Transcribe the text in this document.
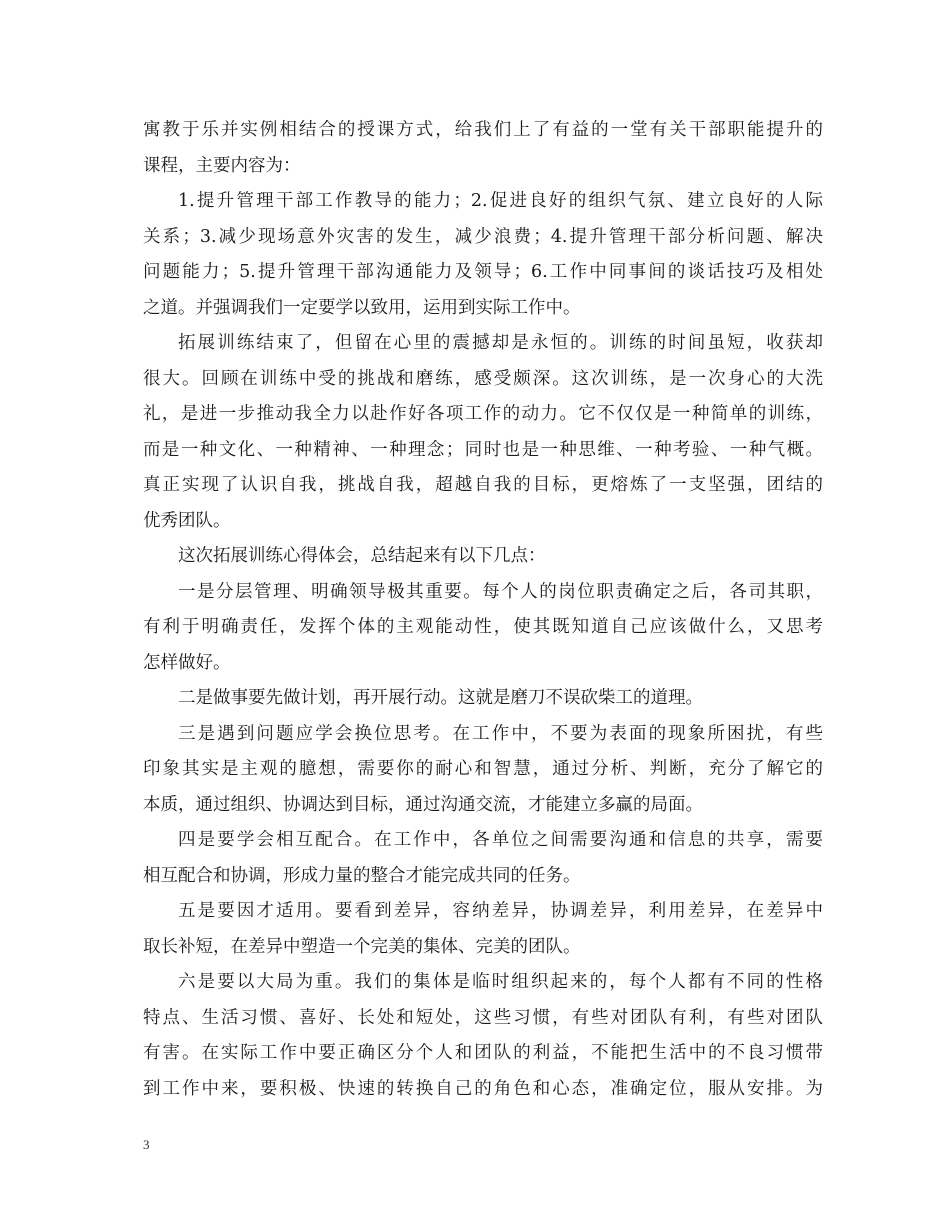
寓教于乐并实例相结合的授课方式，给我们上了有益的一堂有关干部职能提升的
课程，主要内容为：
1.提升管理干部工作教导的能力；2.促进良好的组织气氛、建立良好的人际
关系；3.减少现场意外灾害的发生，减少浪费；4.提升管理干部分析问题、解决
问题能力；5.提升管理干部沟通能力及领导；6.工作中同事间的谈话技巧及相处
之道。并强调我们一定要学以致用，运用到实际工作中。
拓展训练结束了，但留在心里的震撼却是永恒的。训练的时间虽短，收获却
很大。回顾在训练中受的挑战和磨练，感受颇深。这次训练，是一次身心的大洗
礼，是进一步推动我全力以赴作好各项工作的动力。它不仅仅是一种简单的训练，
而是一种文化、一种精神、一种理念；同时也是一种思维、一种考验、一种气概。
真正实现了认识自我，挑战自我，超越自我的目标，更熔炼了一支坚强，团结的
优秀团队。
这次拓展训练心得体会，总结起来有以下几点：
一是分层管理、明确领导极其重要。每个人的岗位职责确定之后，各司其职，
有利于明确责任，发挥个体的主观能动性，使其既知道自己应该做什么，又思考
怎样做好。
二是做事要先做计划，再开展行动。这就是磨刀不误砍柴工的道理。
三是遇到问题应学会换位思考。在工作中，不要为表面的现象所困扰，有些
印象其实是主观的臆想，需要你的耐心和智慧，通过分析、判断，充分了解它的
本质，通过组织、协调达到目标，通过沟通交流，才能建立多赢的局面。
四是要学会相互配合。在工作中，各单位之间需要沟通和信息的共享，需要
相互配合和协调，形成力量的整合才能完成共同的任务。
五是要因才适用。要看到差异，容纳差异，协调差异，利用差异，在差异中
取长补短，在差异中塑造一个完美的集体、完美的团队。
六是要以大局为重。我们的集体是临时组织起来的，每个人都有不同的性格
特点、生活习惯、喜好、长处和短处，这些习惯，有些对团队有利，有些对团队
有害。在实际工作中要正确区分个人和团队的利益，不能把生活中的不良习惯带
到工作中来，要积极、快速的转换自己的角色和心态，准确定位，服从安排。为
3
